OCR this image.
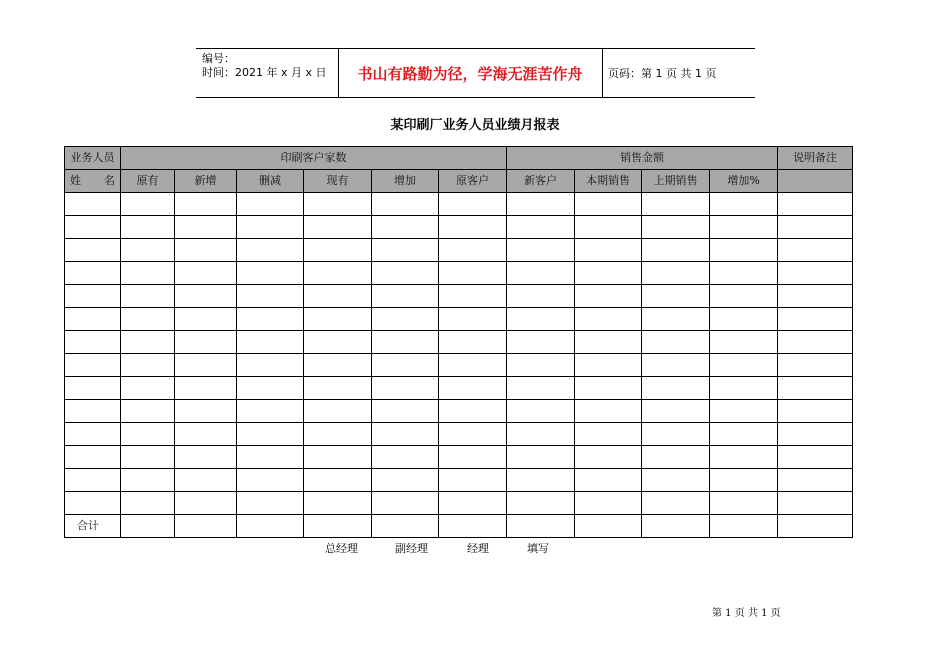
编号：
时间：2021 年 x 月 x 日	书山有路勤为径，学海无涯苦作舟	页码：第 1 页 共 1 页
某印刷厂业务人员业绩月报表
业务人员	印刷客户家数						销售金额				说明备注
姓名	原有	新增	删减	现有	增加	原客户	新客户	本期销售	上期销售	增加%	

合计											
总经理	副经理	经理	填写
第 1 页 共 1 页
